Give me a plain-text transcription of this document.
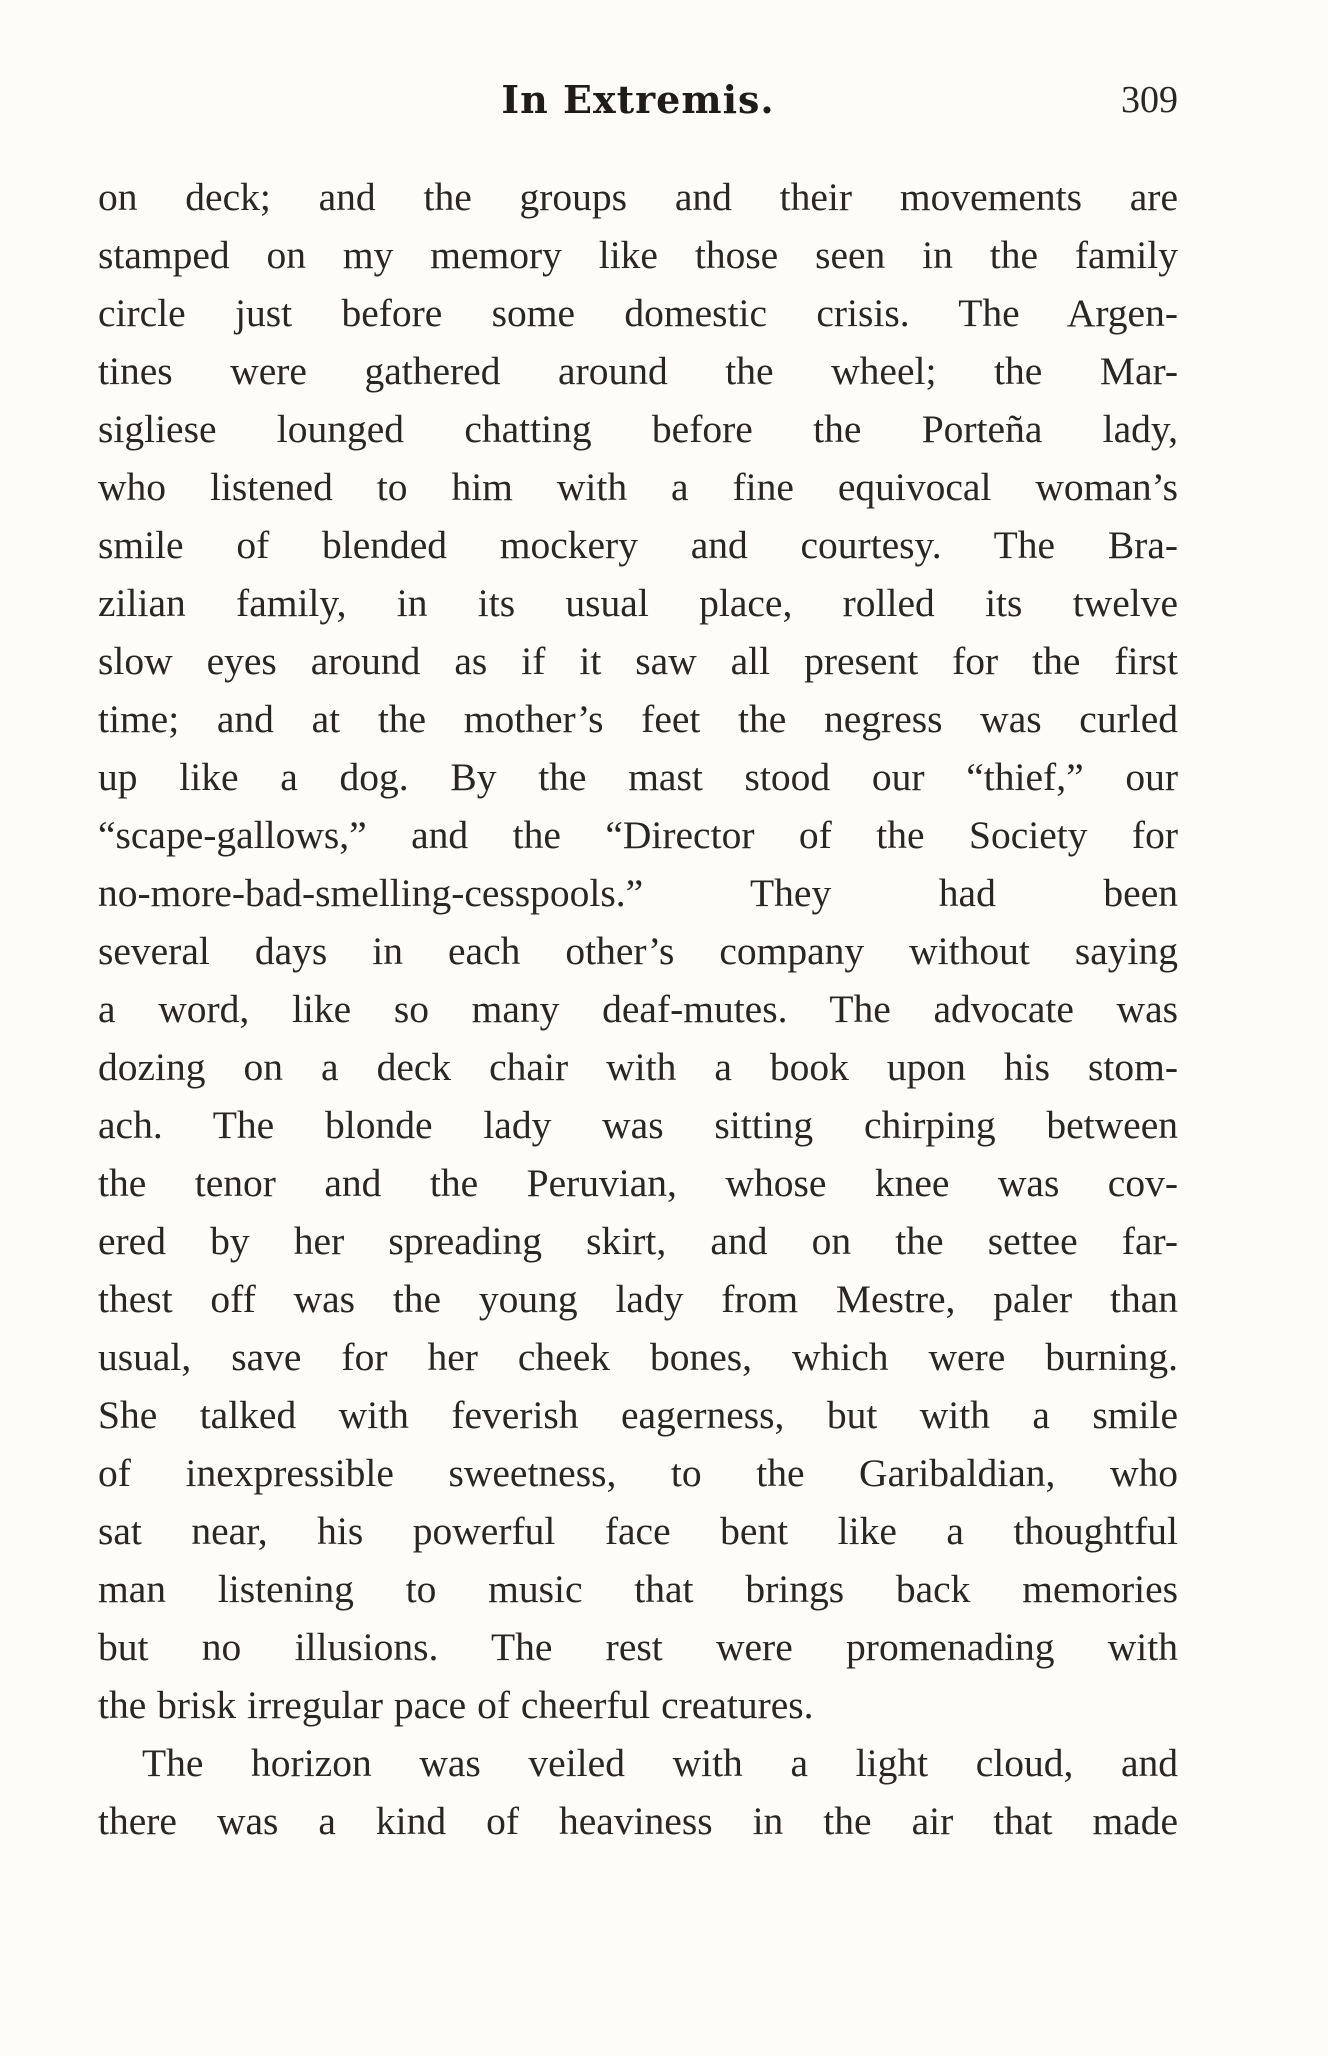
In Extremis.	309
on deck; and the groups and their movements are
stamped on my memory like those seen in the family
circle just before some domestic crisis. The Argen-
tines were gathered around the wheel; the Mar-
sigliese lounged chatting before the Porteña lady,
who listened to him with a fine equivocal woman’s
smile of blended mockery and courtesy. The Bra-
zilian family, in its usual place, rolled its twelve
slow eyes around as if it saw all present for the first
time; and at the mother’s feet the negress was curled
up like a dog. By the mast stood our “thief,” our
“scape-gallows,” and the “Director of the Society for
no-more-bad-smelling-cesspools.” They had been
several days in each other’s company without saying
a word, like so many deaf-mutes. The advocate was
dozing on a deck chair with a book upon his stom-
ach. The blonde lady was sitting chirping between
the tenor and the Peruvian, whose knee was cov-
ered by her spreading skirt, and on the settee far-
thest off was the young lady from Mestre, paler than
usual, save for her cheek bones, which were burning.
She talked with feverish eagerness, but with a smile
of inexpressible sweetness, to the Garibaldian, who
sat near, his powerful face bent like a thoughtful
man listening to music that brings back memories
but no illusions. The rest were promenading with
the brisk irregular pace of cheerful creatures.
The horizon was veiled with a light cloud, and
there was a kind of heaviness in the air that made
